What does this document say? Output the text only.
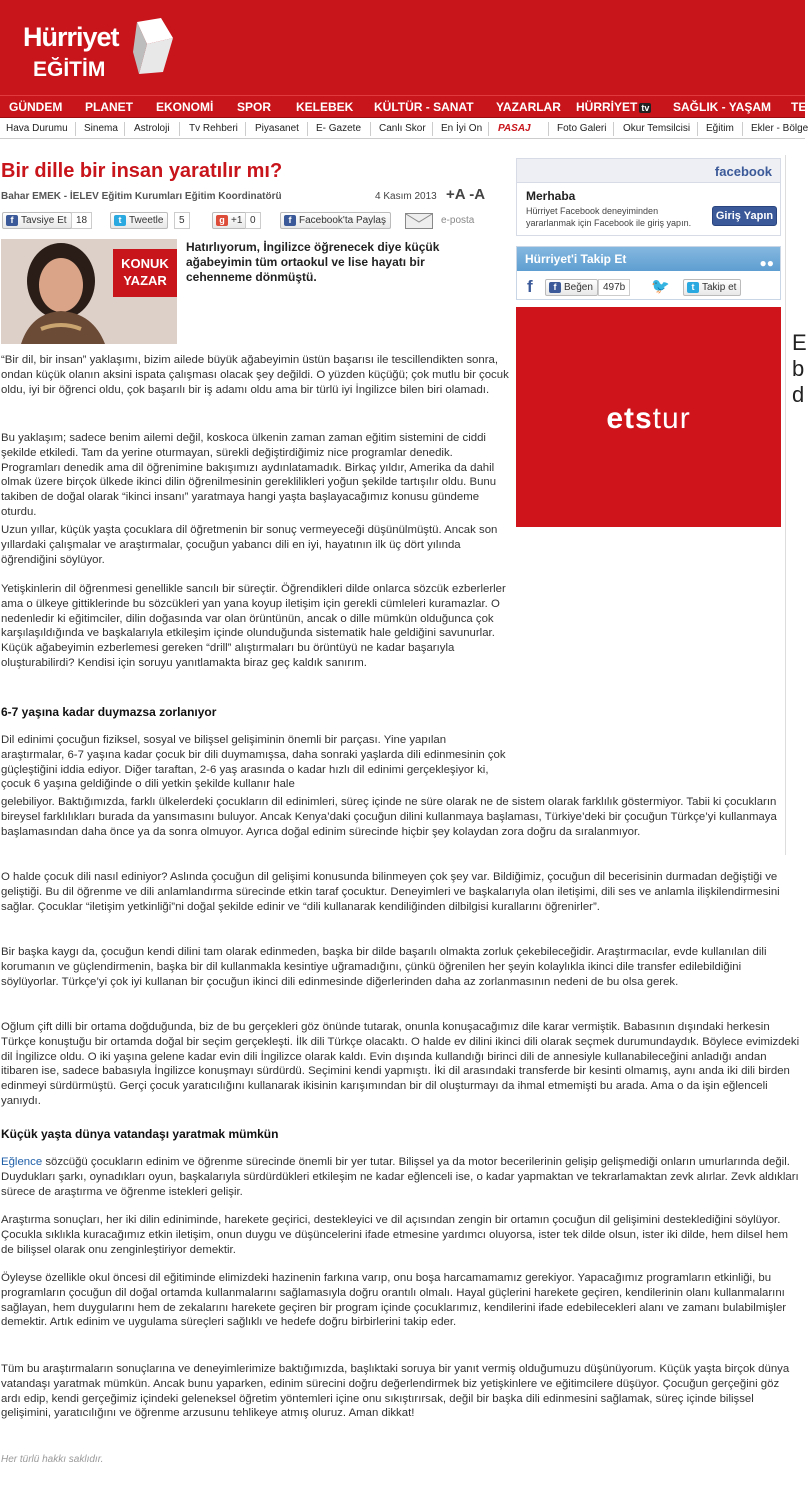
Hürriyet
EĞİTİM
GÜNDEM PLANET EKONOMİ SPOR KELEBEK KÜLTÜR - SANAT YAZARLAR HÜRRİYET tv SAĞLIK - YAŞAM TE
Hava Durumu Sinema Astroloji Tv Rehberi Piyasanet E- Gazete Canlı Skor En İyi On PASAJ	Foto Galeri Okur Temsilcisi Eğitim Ekler - Bölge
Bir dille bir insan yaratılır mı?
Bahar EMEK - İELEV Eğitim Kurumları Eğitim Koordinatörü	4 Kasım 2013 +A -A
f Tavsiye Et 18	t Tweetle	5	g +1 0	f Facebook'ta Paylaş	e-posta
KONUK YAZAR
Hatırlıyorum, İngilizce öğrenecek diye küçük ağabeyimin tüm ortaokul ve lise hayatı bir cehenneme dönmüştü.
“Bir dil, bir insan” yaklaşımı, bizim ailede büyük ağabeyimin üstün başarısı ile tescillendikten sonra, ondan küçük olanın aksini ispata çalışması olacak şey değildi. O yüzden küçüğü; çok mutlu bir çocuk oldu, iyi bir öğrenci oldu, çok başarılı bir iş adamı oldu ama bir türlü iyi İngilizce bilen biri olamadı.
Bu yaklaşım; sadece benim ailemi değil, koskoca ülkenin zaman zaman eğitim sistemini de ciddi şekilde etkiledi. Tam da yerine oturmayan, sürekli değiştirdiğimiz nice programlar denedik. Programları denedik ama dil öğrenimine bakışımızı aydınlatamadık. Birkaç yıldır, Amerika da dahil olmak üzere birçok ülkede ikinci dilin öğrenilmesinin gereklilikleri yoğun şekilde tartışılır oldu. Bunu takiben de doğal olarak “ikinci insanı” yaratmaya hangi yaşta başlayacağımız konusu gündeme oturdu.
Uzun yıllar, küçük yaşta çocuklara dil öğretmenin bir sonuç vermeyeceği düşünülmüştü. Ancak son yıllardaki çalışmalar ve araştırmalar, çocuğun yabancı dili en iyi, hayatının ilk üç dört yılında öğrendiğini söylüyor.
Yetişkinlerin dil öğrenmesi genellikle sancılı bir süreçtir. Öğrendikleri dilde onlarca sözcük ezberlerler ama o ülkeye gittiklerinde bu sözcükleri yan yana koyup iletişim için gerekli cümleleri kuramazlar. O nedenledir ki eğitimciler, dilin doğasında var olan örüntünün, ancak o dille mümkün olduğunca çok karşılaşıldığında ve başkalarıyla etkileşim içinde olunduğunda sistematik hale geldiğini savunurlar. Küçük ağabeyimin ezberlemesi gereken “drill” alıştırmaları bu örüntüyü ne kadar başarıyla oluşturabilirdi? Kendisi için soruyu yanıtlamakta biraz geç kaldık sanırım.
6-7 yaşına kadar duymazsa zorlanıyor
Dil edinimi çocuğun fiziksel, sosyal ve bilişsel gelişiminin önemli bir parçası. Yine yapılan araştırmalar, 6-7 yaşına kadar çocuk bir dili duymamışsa, daha sonraki yaşlarda dili edinmesinin çok güçleştiğini iddia ediyor. Diğer taraftan, 2-6 yaş arasında o kadar hızlı dil edinimi gerçekleşiyor ki, çocuk 6 yaşına geldiğinde o dili yetkin şekilde kullanır hale
gelebiliyor. Baktığımızda, farklı ülkelerdeki çocukların dil edinimleri, süreç içinde ne süre olarak ne de sistem olarak farklılık göstermiyor. Tabii ki çocukların bireysel farklılıkları burada da yansımasını buluyor. Ancak Kenya’daki çocuğun dilini kullanmaya başlaması, Türkiye’deki bir çocuğun Türkçe’yi kullanmaya başlamasından daha önce ya da sonra olmuyor. Ayrıca doğal edinim sürecinde hiçbir şey kolaydan zora doğru da sıralanmıyor.
O halde çocuk dili nasıl ediniyor? Aslında çocuğun dil gelişimi konusunda bilinmeyen çok şey var. Bildiğimiz, çocuğun dil becerisinin durmadan değiştiği ve geliştiği. Bu dil öğrenme ve dili anlamlandırma sürecinde etkin taraf çocuktur. Deneyimleri ve başkalarıyla olan iletişimi, dili ses ve anlamla ilişkilendirmesini sağlar. Çocuklar “iletişim yetkinliği”ni doğal şekilde edinir ve “dili kullanarak kendiliğinden dilbilgisi kurallarını öğrenirler”.
Bir başka kaygı da, çocuğun kendi dilini tam olarak edinmeden, başka bir dilde başarılı olmakta zorluk çekebileceğidir. Araştırmacılar, evde kullanılan dili korumanın ve güçlendirmenin, başka bir dil kullanmakla kesintiye uğramadığını, çünkü öğrenilen her şeyin kolaylıkla ikinci dile transfer edilebildiğini söylüyorlar. Türkçe’yi çok iyi kullanan bir çocuğun ikinci dili edinmesinde diğerlerinden daha az zorlanmasının nedeni de bu olsa gerek.
Oğlum çift dilli bir ortama doğduğunda, biz de bu gerçekleri göz önünde tutarak, onunla konuşacağımız dile karar vermiştik. Babasının dışındaki herkesin Türkçe konuştuğu bir ortamda doğal bir seçim gerçekleşti. İlk dili Türkçe olacaktı. O halde ev dilini ikinci dili olarak seçmek durumundaydık. Böylece evimizdeki dil İngilizce oldu. O iki yaşına gelene kadar evin dili İngilizce olarak kaldı. Evin dışında kullandığı birinci dili de annesiyle kullanabileceğini anladığı andan itibaren ise, sadece babasıyla İngilizce konuşmayı sürdürdü. Seçimini kendi yapmıştı. İki dil arasındaki transferde bir kesinti olmamış, aynı anda iki dili birden edinmeyi sürdürmüştü. Gerçi çocuk yaratıcılığını kullanarak ikisinin karışımından bir dil oluşturmayı da ihmal etmemişti bu arada. Ama o da işin eğlenceli yanıydı.
Küçük yaşta dünya vatandaşı yaratmak mümkün
Eğlence sözcüğü çocukların edinim ve öğrenme sürecinde önemli bir yer tutar. Bilişsel ya da motor becerilerinin gelişip gelişmediği onların umurlarında değil. Duydukları şarkı, oynadıkları oyun, başkalarıyla sürdürdükleri etkileşim ne kadar eğlenceli ise, o kadar yapmaktan ve tekrarlamaktan zevk alırlar. Zevk aldıkları sürece de araştırma ve öğrenme istekleri gelişir.
Araştırma sonuçları, her iki dilin ediniminde, harekete geçirici, destekleyici ve dil açısından zengin bir ortamın çocuğun dil gelişimini desteklediğini söylüyor. Çocukla sıklıkla kuracağımız etkin iletişim, onun duygu ve düşüncelerini ifade etmesine yardımcı oluyorsa, ister tek dilde olsun, ister iki dilde, hem dilsel hem de bilişsel olarak onu zenginleştiriyor demektir.
Öyleyse özellikle okul öncesi dil eğitiminde elimizdeki hazinenin farkına varıp, onu boşa harcamamamız gerekiyor. Yapacağımız programların etkinliği, bu programların çocuğun dil doğal ortamda kullanmalarını sağlamasıyla doğru orantılı olmalı. Hayal güçlerini harekete geçiren, kendilerinin olanı kullanmalarını sağlayan, hem duygularını hem de zekalarını harekete geçiren bir program içinde çocuklarımız, kendilerini ifade edebilecekleri alanı ve zamanı bulabilmişler demektir. Artık edinim ve uygulama süreçleri sağlıklı ve hedefe doğru birbirlerini takip eder.
Tüm bu araştırmaların sonuçlarına ve deneyimlerimize baktığımızda, başlıktaki soruya bir yanıt vermiş olduğumuzu düşünüyorum. Küçük yaşta birçok dünya vatandaşı yaratmak mümkün. Ancak bunu yaparken, edinim sürecini doğru değerlendirmek biz yetişkinlere ve eğitimcilere düşüyor. Çocuğun gerçeğini göz ardı edip, kendi gerçeğimiz içindeki geleneksel öğretim yöntemleri içine onu sıkıştırırsak, değil bir başka dili edinmesini sağlamak, süreç içinde bilişsel gelişimini, yaratıcılığını ve öğrenme arzusunu tehlikeye atmış oluruz. Aman dikkat!
Her türlü hakkı saklıdır.
facebook
Merhaba
Hürriyet Facebook deneyiminden yararlanmak için Facebook ile giriş yapın.
Giriş Yapın
Hürriyet'i Takip Et	●●
f	f Beğen	497b	🐦	t Takip et
etstur
E b d
